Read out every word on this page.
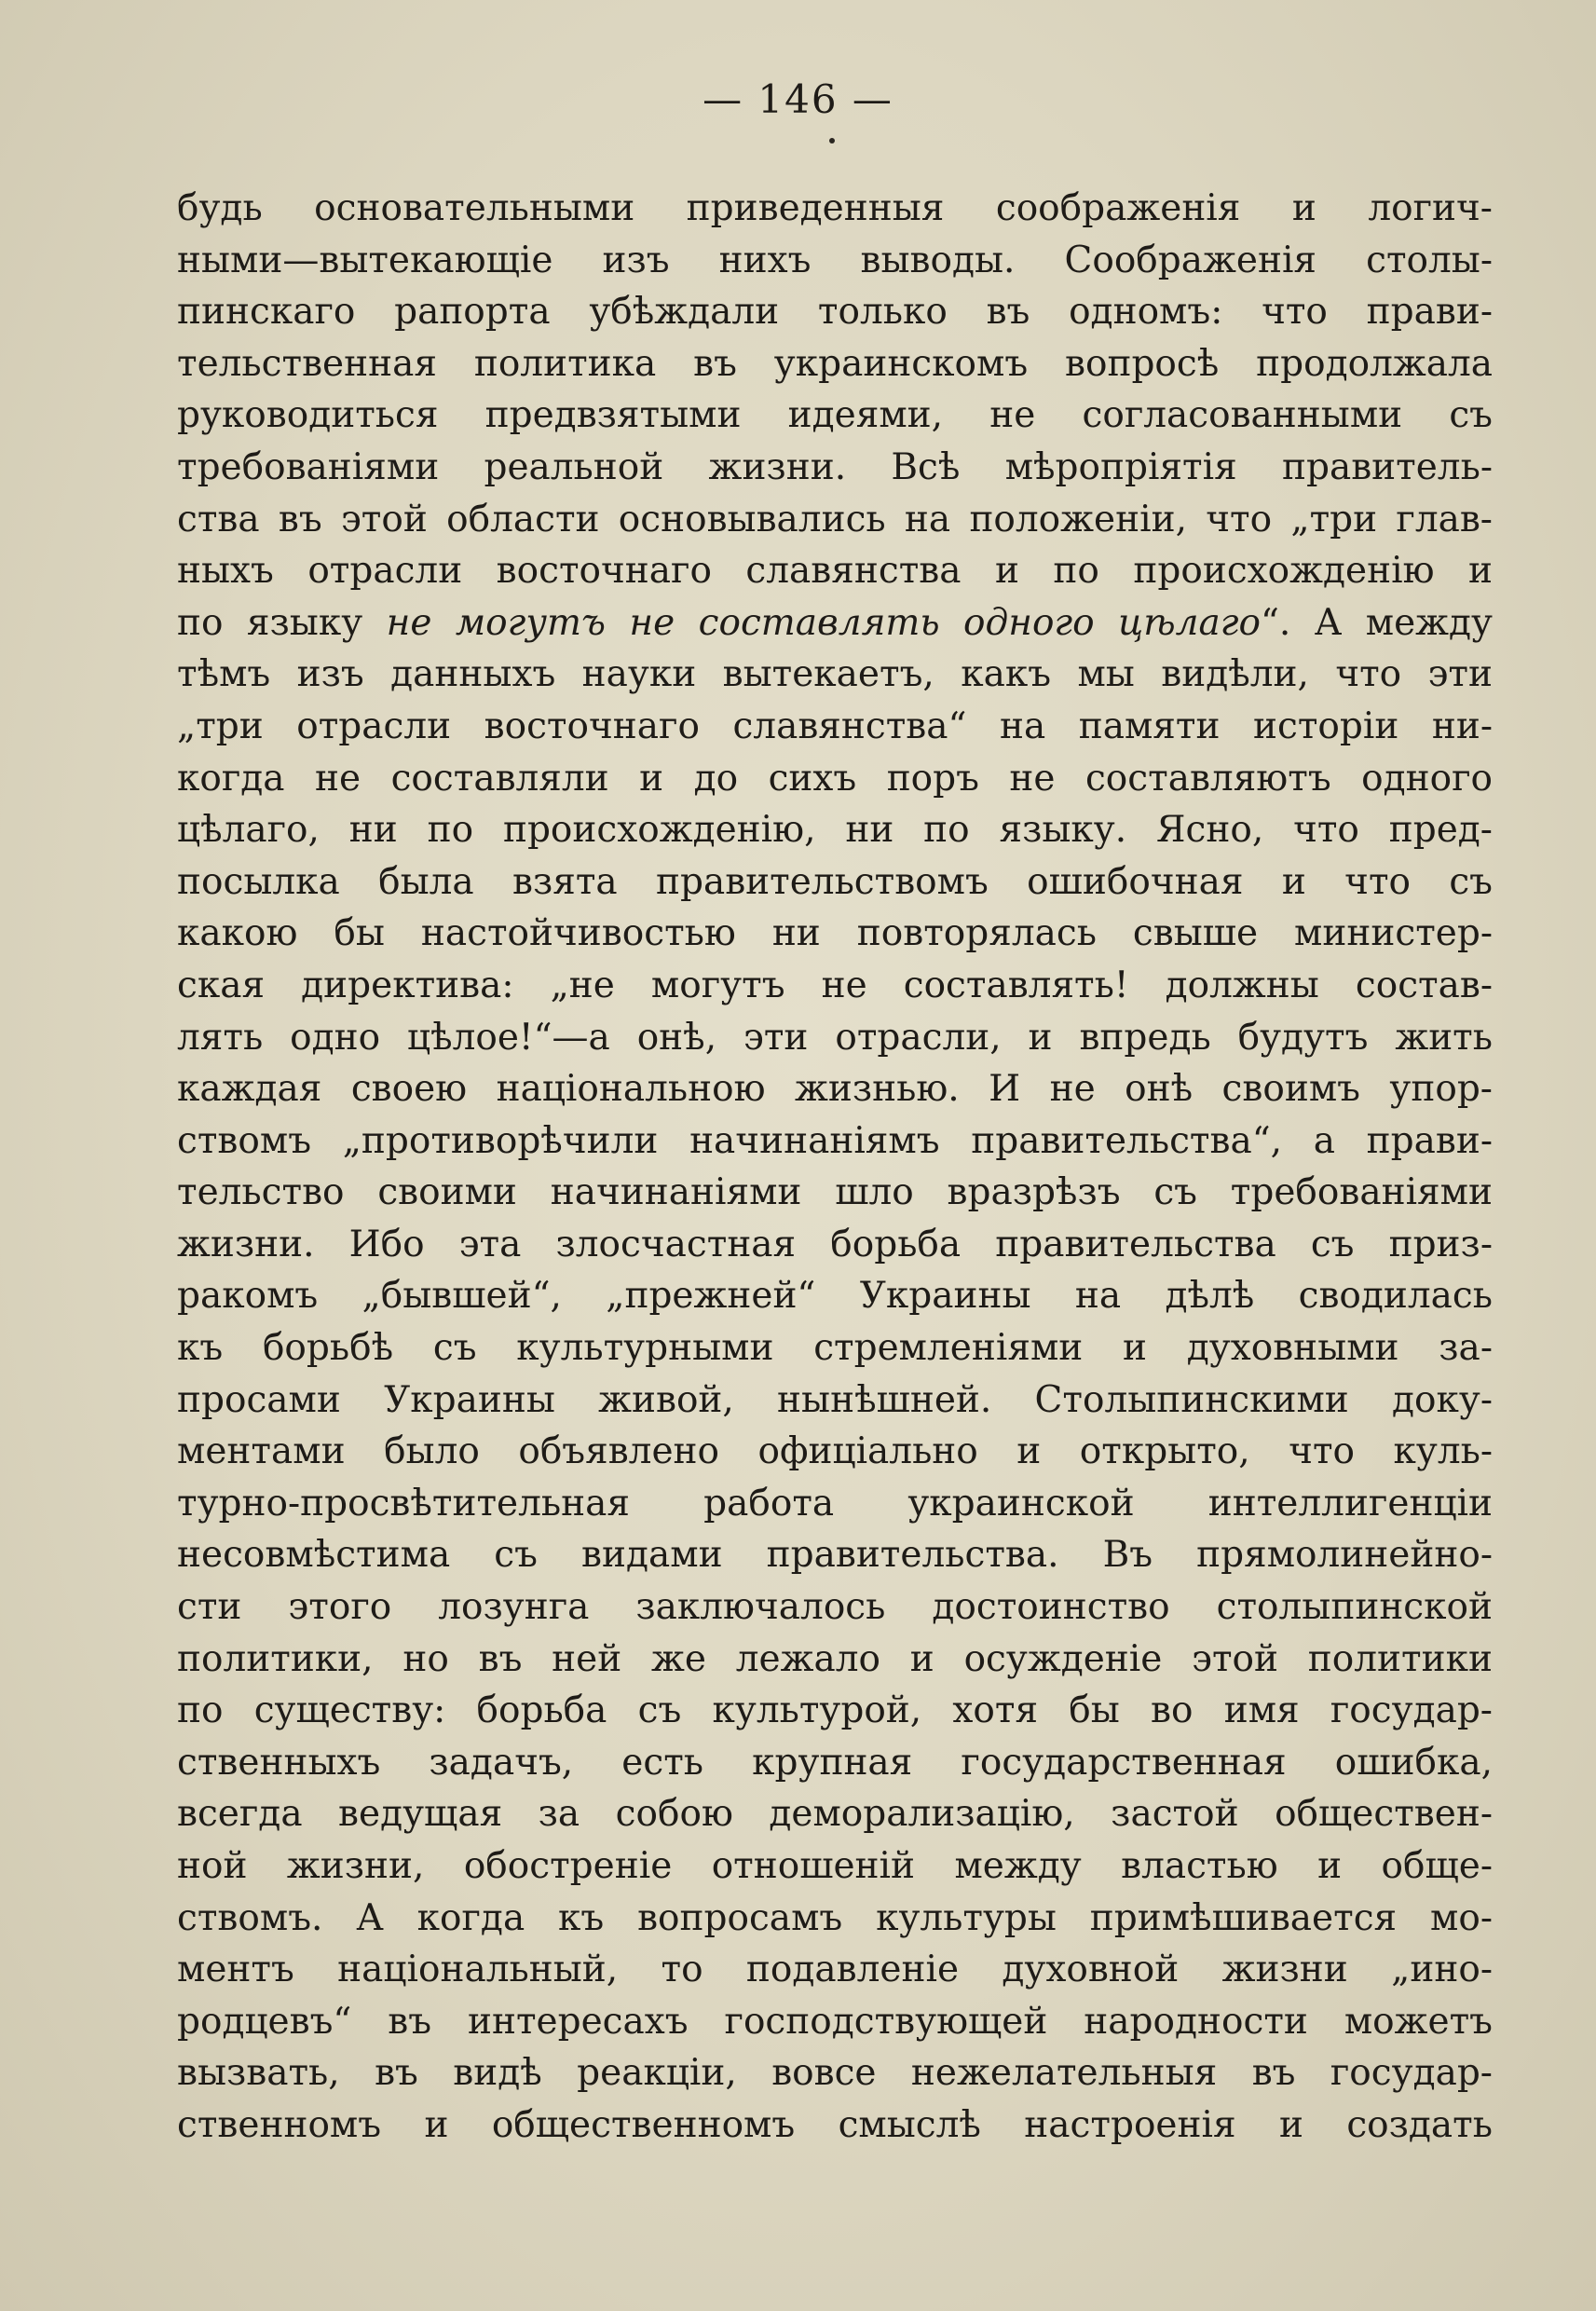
— 146 —
будь основательными приведенныя соображенія и логич-
ными—вытекающіе изъ нихъ выводы. Соображенія столы-
пинскаго рапорта убѣждали только въ одномъ: что прави-
тельственная политика въ украинскомъ вопросѣ продолжала
руководиться предвзятыми идеями, не согласованными съ
требованіями реальной жизни. Всѣ мѣропріятія правитель-
ства въ этой области основывались на положеніи, что „три глав-
ныхъ отрасли восточнаго славянства и по происхожденію и
по языку не могутъ не составлять одного цѣлаго“. А между
тѣмъ изъ данныхъ науки вытекаетъ, какъ мы видѣли, что эти
„три отрасли восточнаго славянства“ на памяти исторіи ни-
когда не составляли и до сихъ поръ не составляютъ одного
цѣлаго, ни по происхожденію, ни по языку. Ясно, что пред-
посылка была взята правительствомъ ошибочная и что съ
какою бы настойчивостью ни повторялась свыше министер-
ская директива: „не могутъ не составлять! должны состав-
лять одно цѣлое!“—а онѣ, эти отрасли, и впредь будутъ жить
каждая своею національною жизнью. И не онѣ своимъ упор-
ствомъ „противорѣчили начинаніямъ правительства“, а прави-
тельство своими начинаніями шло вразрѣзъ съ требованіями
жизни. Ибо эта злосчастная борьба правительства съ приз-
ракомъ „бывшей“, „прежней“ Украины на дѣлѣ сводилась
къ борьбѣ съ культурными стремленіями и духовными за-
просами Украины живой, нынѣшней. Столыпинскими доку-
ментами было объявлено офиціально и открыто, что куль-
турно-просвѣтительная работа украинской интеллигенціи
несовмѣстима съ видами правительства. Въ прямолинейно-
сти этого лозунга заключалось достоинство столыпинской
политики, но въ ней же лежало и осужденіе этой политики
по существу: борьба съ культурой, хотя бы во имя государ-
ственныхъ задачъ, есть крупная государственная ошибка,
всегда ведущая за собою деморализацію, застой обществен-
ной жизни, обостреніе отношеній между властью и обще-
ствомъ. А когда къ вопросамъ культуры примѣшивается мо-
ментъ національный, то подавленіе духовной жизни „ино-
родцевъ“ въ интересахъ господствующей народности можетъ
вызвать, въ видѣ реакціи, вовсе нежелательныя въ государ-
ственномъ и общественномъ смыслѣ настроенія и создать
